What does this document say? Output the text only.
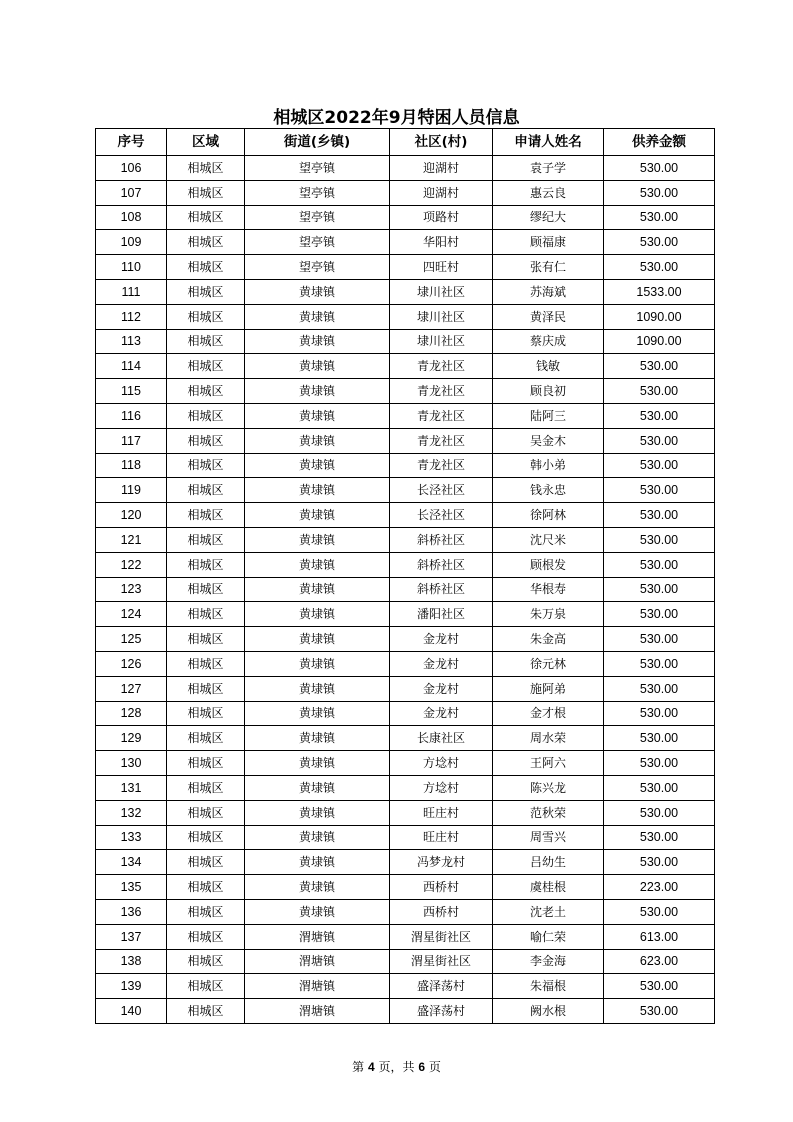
相城区2022年9月特困人员信息
序号	区域	街道(乡镇)	社区(村)	申请人姓名	供养金额
106	相城区	望亭镇	迎湖村	袁子学	530.00
107	相城区	望亭镇	迎湖村	惠云良	530.00
108	相城区	望亭镇	项路村	缪纪大	530.00
109	相城区	望亭镇	华阳村	顾福康	530.00
110	相城区	望亭镇	四旺村	张有仁	530.00
111	相城区	黄埭镇	埭川社区	苏海斌	1533.00
112	相城区	黄埭镇	埭川社区	黄泽民	1090.00
113	相城区	黄埭镇	埭川社区	蔡庆成	1090.00
114	相城区	黄埭镇	青龙社区	钱敏	530.00
115	相城区	黄埭镇	青龙社区	顾良初	530.00
116	相城区	黄埭镇	青龙社区	陆阿三	530.00
117	相城区	黄埭镇	青龙社区	吴金木	530.00
118	相城区	黄埭镇	青龙社区	韩小弟	530.00
119	相城区	黄埭镇	长泾社区	钱永忠	530.00
120	相城区	黄埭镇	长泾社区	徐阿林	530.00
121	相城区	黄埭镇	斜桥社区	沈尺米	530.00
122	相城区	黄埭镇	斜桥社区	顾根发	530.00
123	相城区	黄埭镇	斜桥社区	华根寿	530.00
124	相城区	黄埭镇	潘阳社区	朱万泉	530.00
125	相城区	黄埭镇	金龙村	朱金高	530.00
126	相城区	黄埭镇	金龙村	徐元林	530.00
127	相城区	黄埭镇	金龙村	施阿弟	530.00
128	相城区	黄埭镇	金龙村	金才根	530.00
129	相城区	黄埭镇	长康社区	周水荣	530.00
130	相城区	黄埭镇	方埝村	王阿六	530.00
131	相城区	黄埭镇	方埝村	陈兴龙	530.00
132	相城区	黄埭镇	旺庄村	范秋荣	530.00
133	相城区	黄埭镇	旺庄村	周雪兴	530.00
134	相城区	黄埭镇	冯梦龙村	吕幼生	530.00
135	相城区	黄埭镇	西桥村	虞桂根	223.00
136	相城区	黄埭镇	西桥村	沈老土	530.00
137	相城区	渭塘镇	渭星街社区	喻仁荣	613.00
138	相城区	渭塘镇	渭星街社区	李金海	623.00
139	相城区	渭塘镇	盛泽荡村	朱福根	530.00
140	相城区	渭塘镇	盛泽荡村	阙水根	530.00
第 4 页，共 6 页
